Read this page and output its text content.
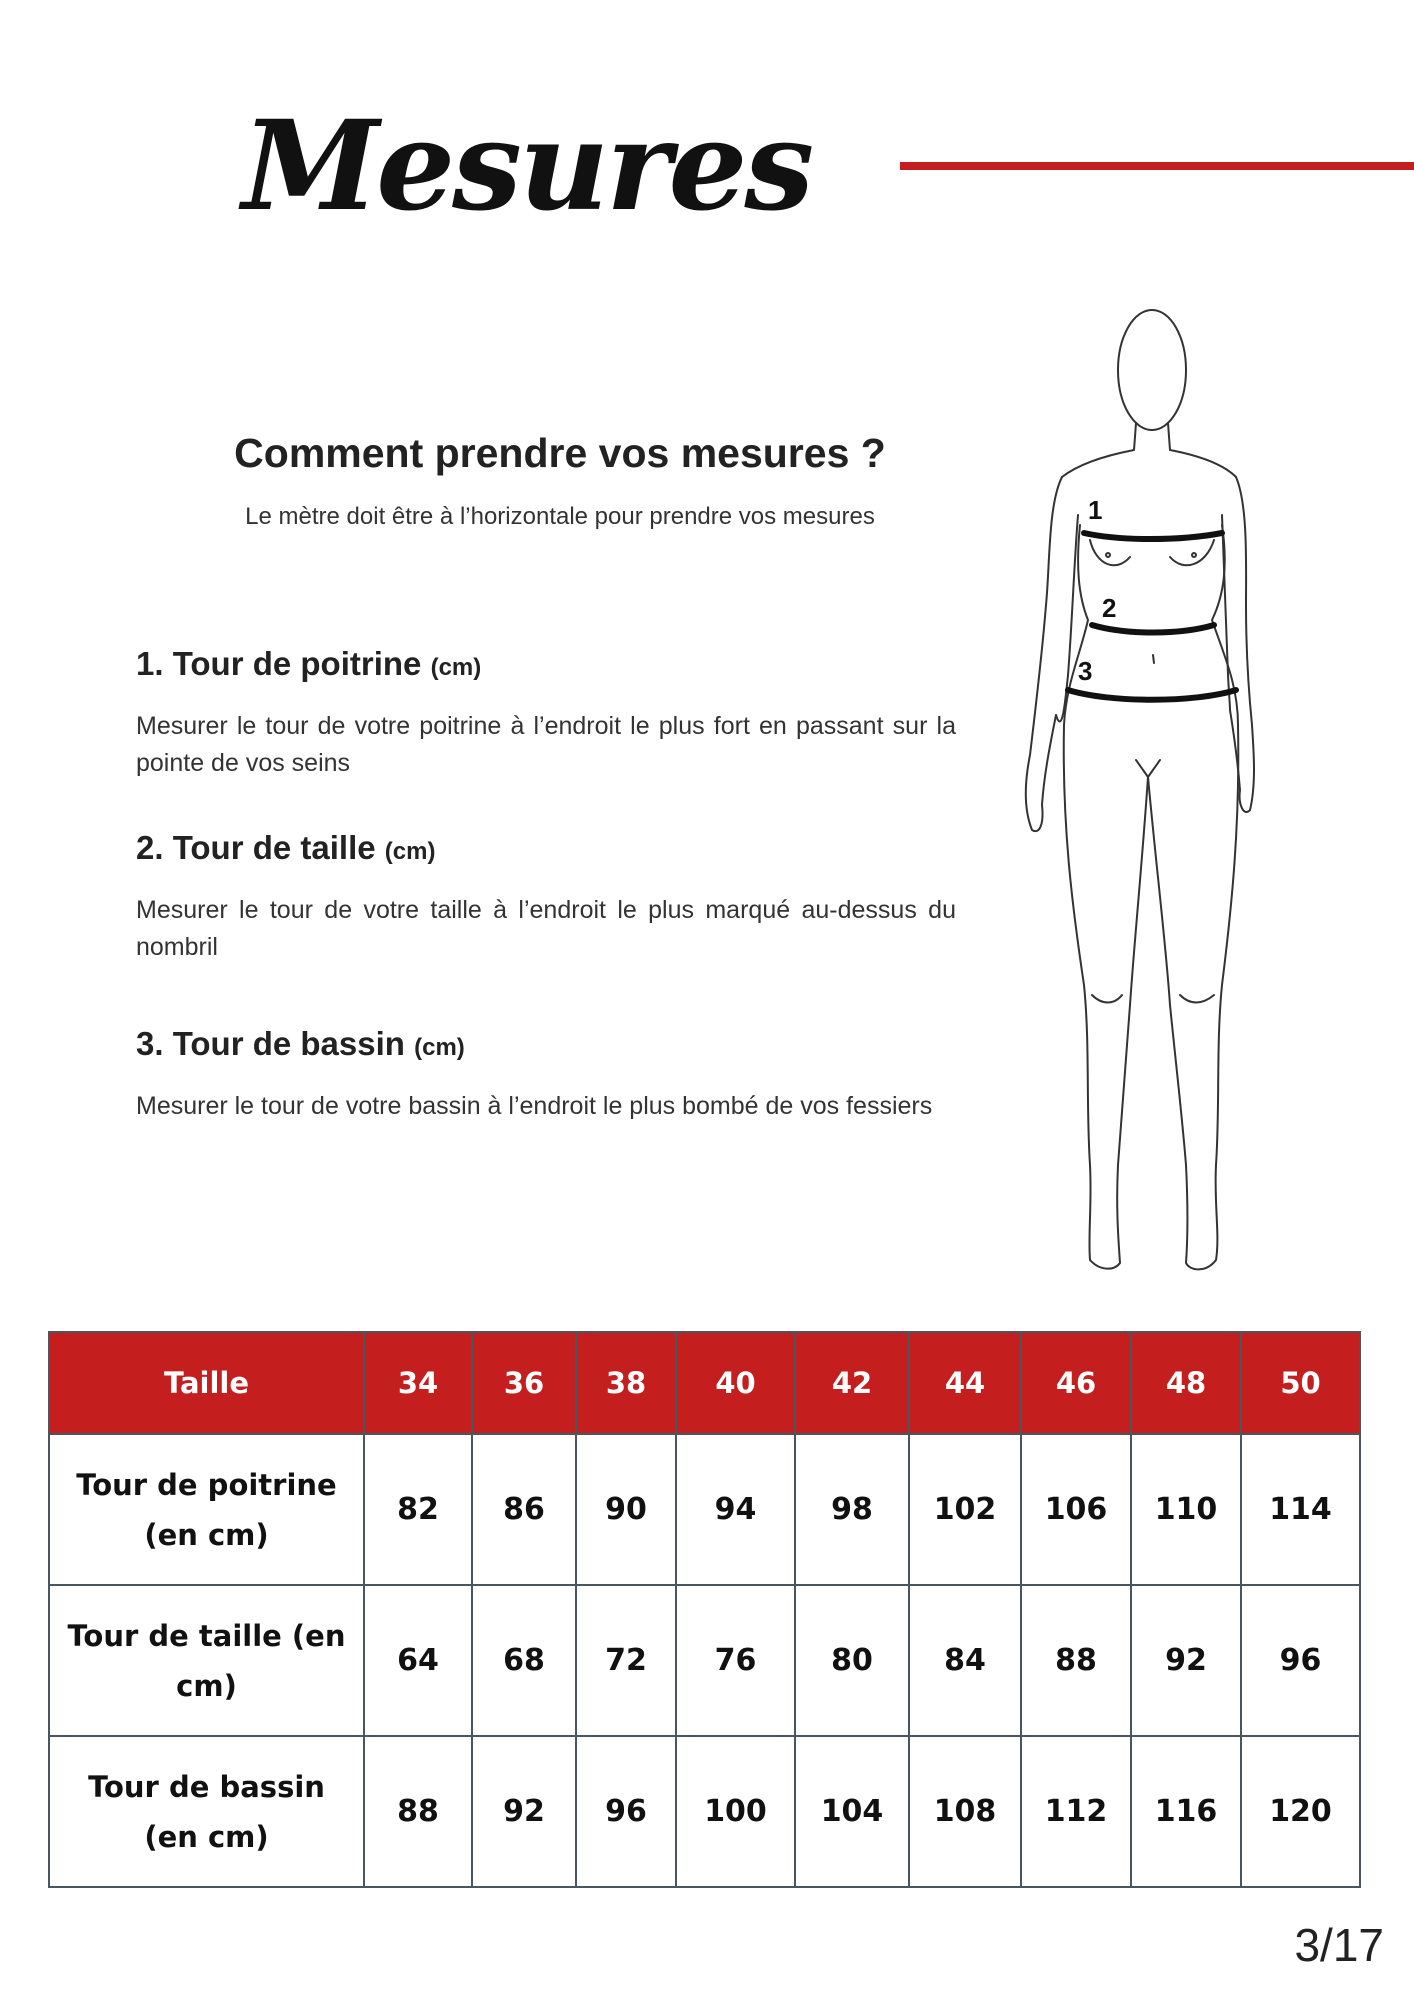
Mesures
Comment prendre vos mesures ?
Le mètre doit être à l’horizontale pour prendre vos mesures
1. Tour de poitrine (cm)
Mesurer le tour de votre poitrine à l’endroit le plus fort en passant sur la pointe de vos seins
2. Tour de taille (cm)
Mesurer le tour de votre taille à l’endroit le plus marqué au-dessus du nombril
3. Tour de bassin (cm)
Mesurer le tour de votre bassin à l’endroit le plus bombé de vos fessiers
1
2
3
Taille	34	36	38	40	42	44	46	48	50
Tour de poitrine (en cm)	82	86	90	94	98	102	106	110	114
Tour de taille (en cm)	64	68	72	76	80	84	88	92	96
Tour de bassin (en cm)	88	92	96	100	104	108	112	116	120
3/17
